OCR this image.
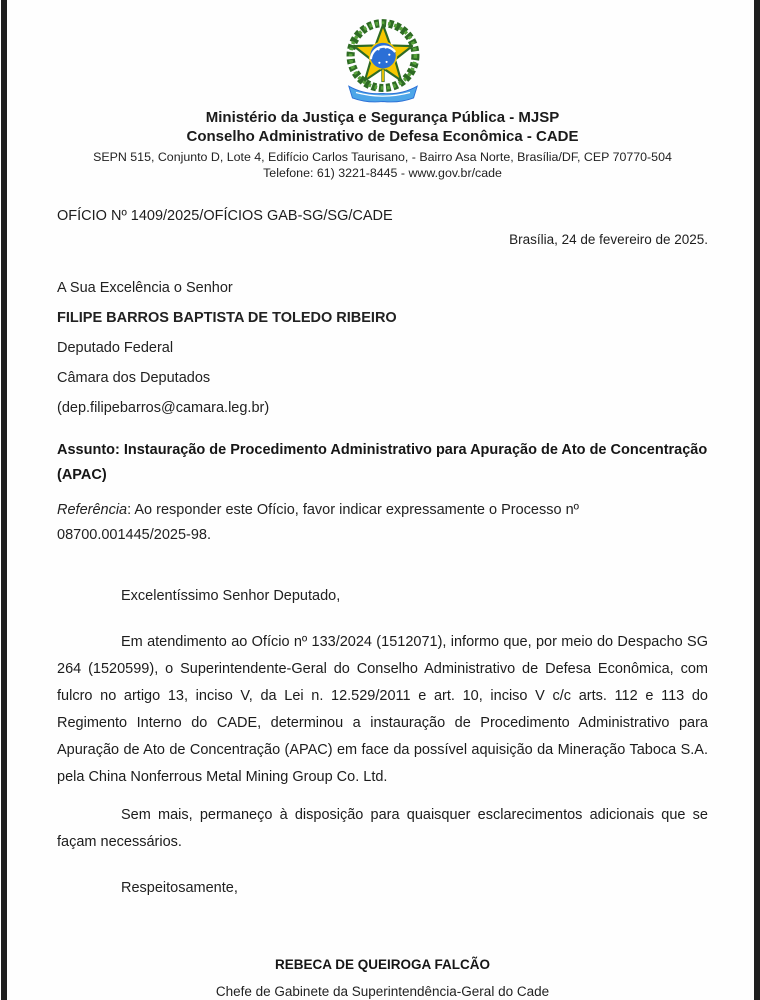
Ministério da Justiça e Segurança Pública - MJSP
Conselho Administrativo de Defesa Econômica - CADE
SEPN 515, Conjunto D, Lote 4, Edifício Carlos Taurisano, - Bairro Asa Norte, Brasília/DF, CEP 70770-504
Telefone: 61) 3221-8445 - www.gov.br/cade
OFÍCIO Nº 1409/2025/OFÍCIOS GAB-SG/SG/CADE
Brasília, 24 de fevereiro de 2025.
A Sua Excelência o Senhor
FILIPE BARROS BAPTISTA DE TOLEDO RIBEIRO
Deputado Federal
Câmara dos Deputados
(dep.filipebarros@camara.leg.br)
Assunto: Instauração de Procedimento Administrativo para Apuração de Ato de Concentração (APAC)
Referência: Ao responder este Ofício, favor indicar expressamente o Processo nº 08700.001445/2025-98.
Excelentíssimo Senhor Deputado,
Em atendimento ao Ofício nº 133/2024 (1512071), informo que, por meio do Despacho SG 264 (1520599), o Superintendente-Geral do Conselho Administrativo de Defesa Econômica, com fulcro no artigo 13, inciso V, da Lei n. 12.529/2011 e art. 10, inciso V c/c arts. 112 e 113 do Regimento Interno do CADE, determinou a instauração de Procedimento Administrativo para Apuração de Ato de Concentração (APAC) em face da possível aquisição da Mineração Taboca S.A. pela China Nonferrous Metal Mining Group Co. Ltd.
Sem mais, permaneço à disposição para quaisquer esclarecimentos adicionais que se façam necessários.
Respeitosamente,
REBECA DE QUEIROGA FALCÃO
Chefe de Gabinete da Superintendência-Geral do Cade
